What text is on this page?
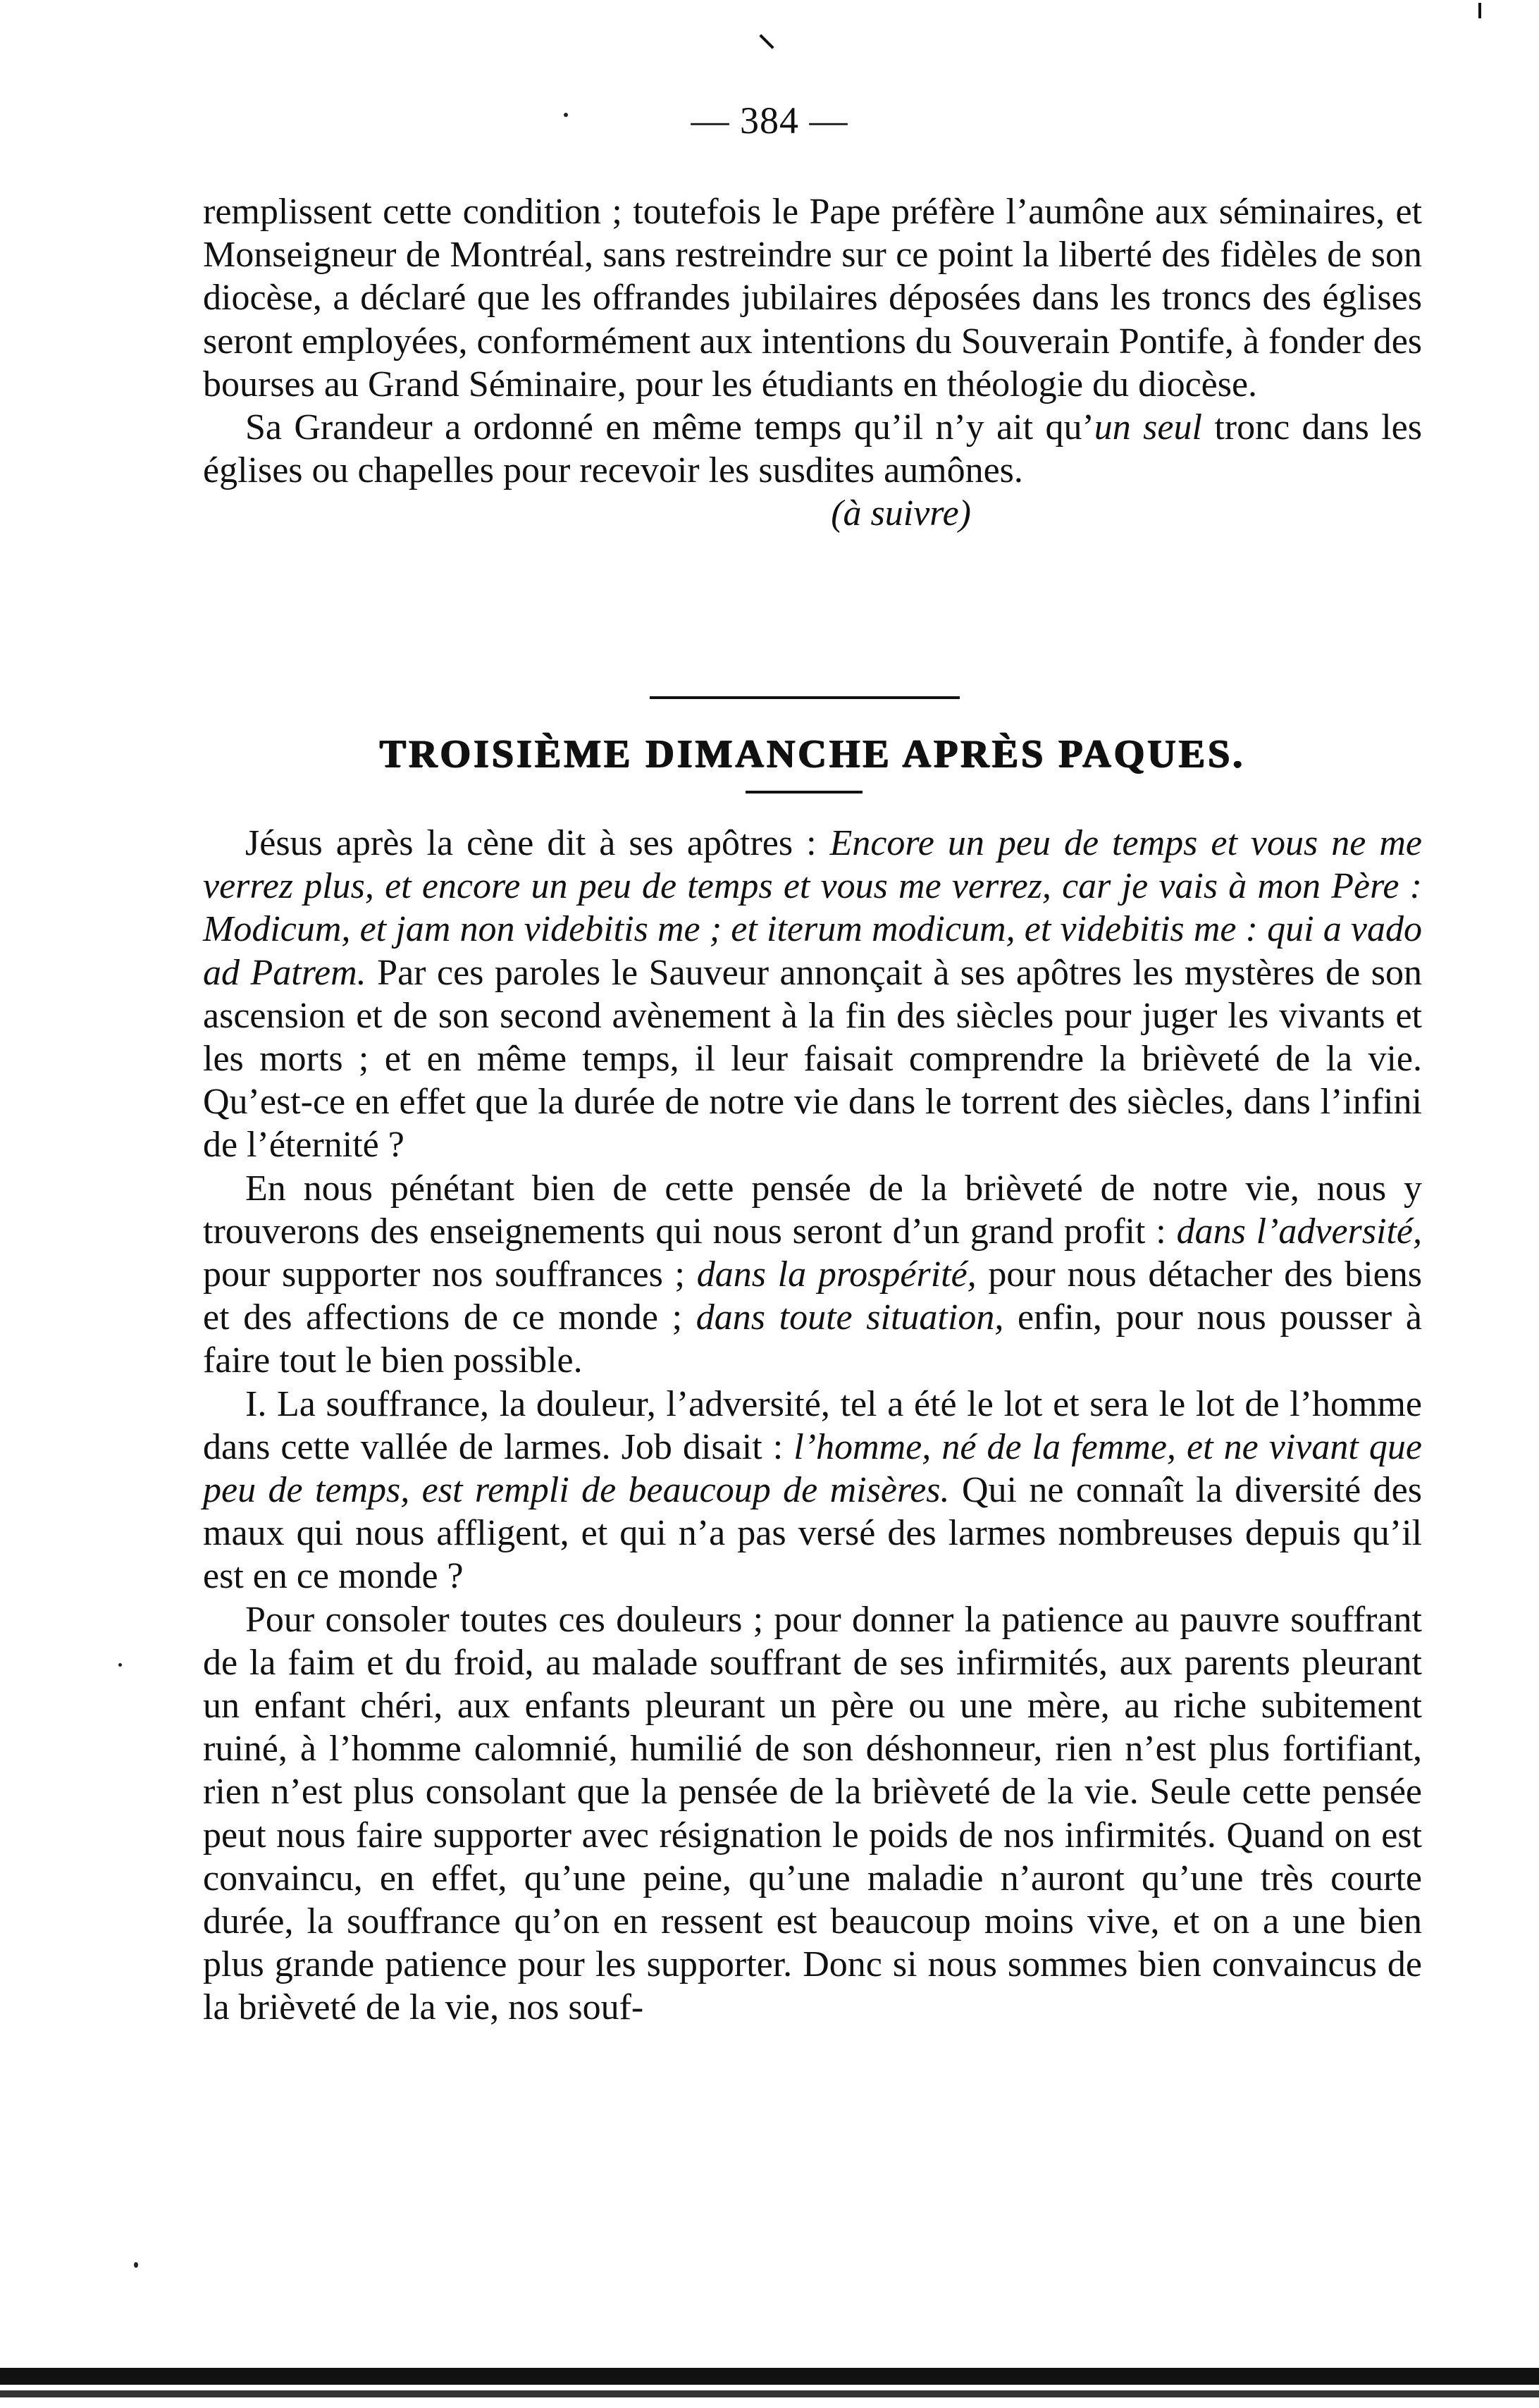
— 384 —

remplissent cette condition ; toutefois le Pape préfère l’aumône aux séminaires, et Monseigneur de Montréal, sans restreindre sur ce point la liberté des fidèles de son diocèse, a déclaré que les offrandes jubilaires déposées dans les troncs des églises seront employées, conformément aux intentions du Souverain Pontife, à fonder des bourses au Grand Séminaire, pour les étudiants en théologie du diocèse.

Sa Grandeur a ordonné en même temps qu’il n’y ait qu’un seul tronc dans les églises ou chapelles pour recevoir les susdites aumônes.

(à suivre)

TROISIÈME DIMANCHE APRÈS PAQUES.

Jésus après la cène dit à ses apôtres : Encore un peu de temps et vous ne me verrez plus, et encore un peu de temps et vous me verrez, car je vais à mon Père : Modicum, et jam non videbitis me ; et iterum modicum, et videbitis me : qui a vado ad Patrem. Par ces paroles le Sauveur annonçait à ses apôtres les mystères de son ascension et de son second avènement à la fin des siècles pour juger les vivants et les morts ; et en même temps, il leur faisait comprendre la brièveté de la vie. Qu’est-ce en effet que la durée de notre vie dans le torrent des siècles, dans l’infini de l’éternité ?

En nous pénétant bien de cette pensée de la brièveté de notre vie, nous y trouverons des enseignements qui nous seront d’un grand profit : dans l’adversité, pour supporter nos souffrances ; dans la prospérité, pour nous détacher des biens et des affections de ce monde ; dans toute situation, enfin, pour nous pousser à faire tout le bien possible.

I. La souffrance, la douleur, l’adversité, tel a été le lot et sera le lot de l’homme dans cette vallée de larmes. Job disait : l’homme, né de la femme, et ne vivant que peu de temps, est rempli de beaucoup de misères. Qui ne connaît la diversité des maux qui nous affligent, et qui n’a pas versé des larmes nombreuses depuis qu’il est en ce monde ?

Pour consoler toutes ces douleurs ; pour donner la patience au pauvre souffrant de la faim et du froid, au malade souffrant de ses infirmités, aux parents pleurant un enfant chéri, aux enfants pleurant un père ou une mère, au riche subitement ruiné, à l’homme calomnié, humilié de son déshonneur, rien n’est plus fortifiant, rien n’est plus consolant que la pensée de la brièveté de la vie. Seule cette pensée peut nous faire supporter avec résignation le poids de nos infirmités. Quand on est convaincu, en effet, qu’une peine, qu’une maladie n’auront qu’une très courte durée, la souffrance qu’on en ressent est beaucoup moins vive, et on a une bien plus grande patience pour les supporter. Donc si nous sommes bien convaincus de la brièveté de la vie, nos souf-
